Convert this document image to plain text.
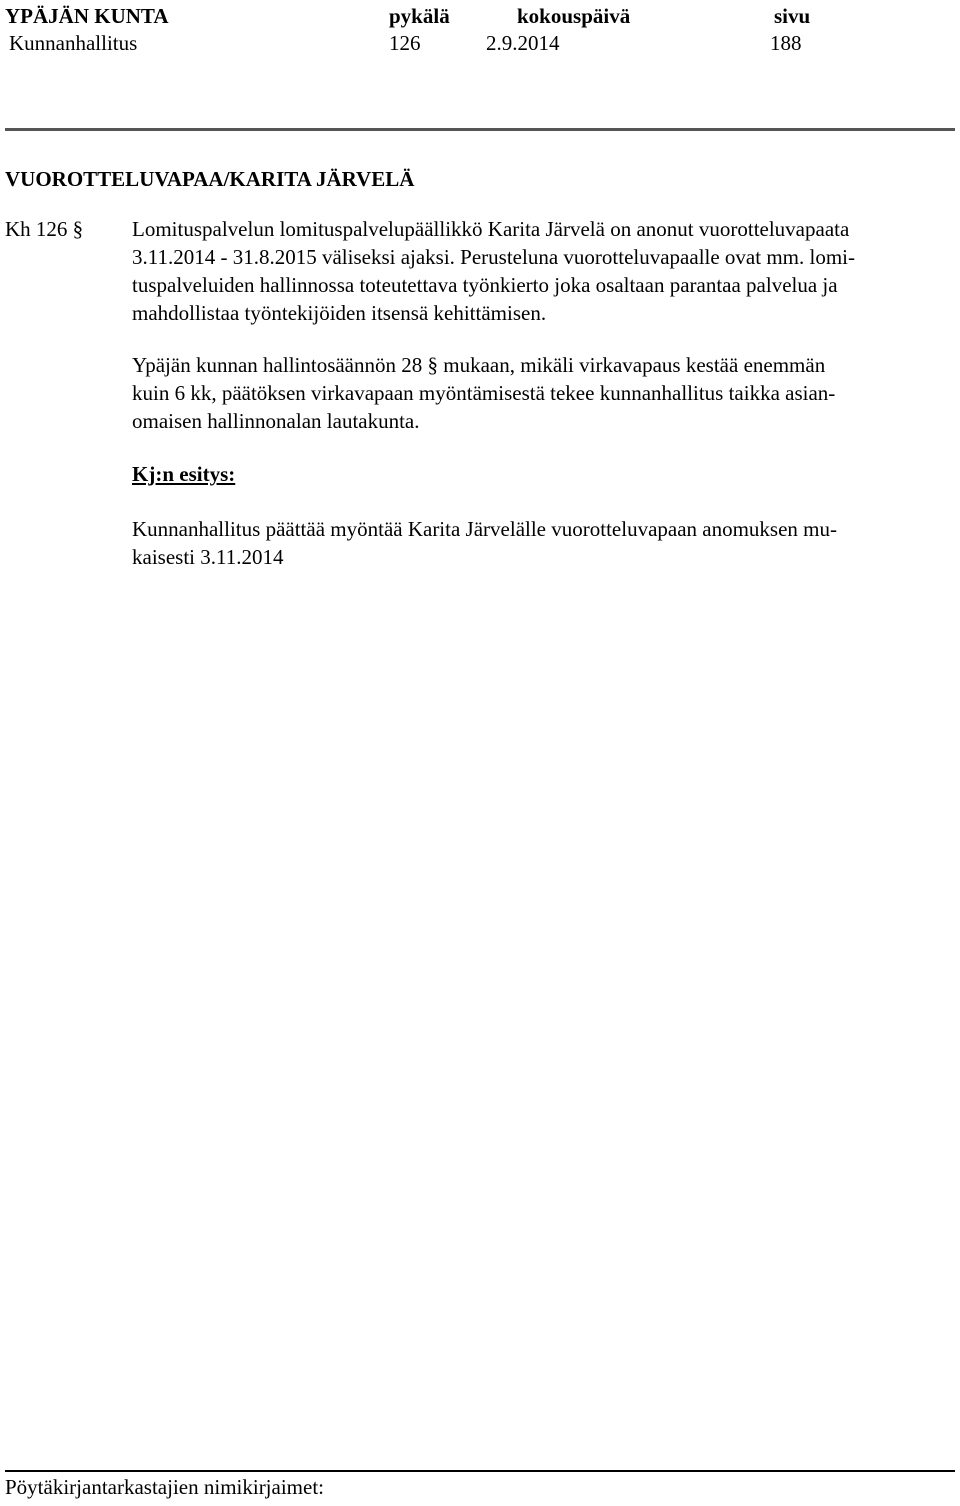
YPÄJÄN KUNTA	pykälä	kokouspäivä	sivu
Kunnanhallitus	126	2.9.2014	188
VUOROTTELUVAPAA/KARITA JÄRVELÄ
Kh 126 § Lomituspalvelun lomituspalvelupäällikkö Karita Järvelä on anonut vuorotteluvapaata
3.11.2014 - 31.8.2015 väliseksi ajaksi. Perusteluna vuorotteluvapaalle ovat mm. lomi-
tuspalveluiden hallinnossa toteutettava työnkierto joka osaltaan parantaa palvelua ja
mahdollistaa työntekijöiden itsensä kehittämisen.

Ypäjän kunnan hallintosäännön 28 § mukaan, mikäli virkavapaus kestää enemmän
kuin 6 kk, päätöksen virkavapaan myöntämisestä tekee kunnanhallitus taikka asian-
omaisen hallinnonalan lautakunta.

Kj:n esitys:

Kunnanhallitus päättää myöntää Karita Järvelälle vuorotteluvapaan anomuksen mu-
kaisesti 3.11.2014

Pöytäkirjantarkastajien nimikirjaimet:
